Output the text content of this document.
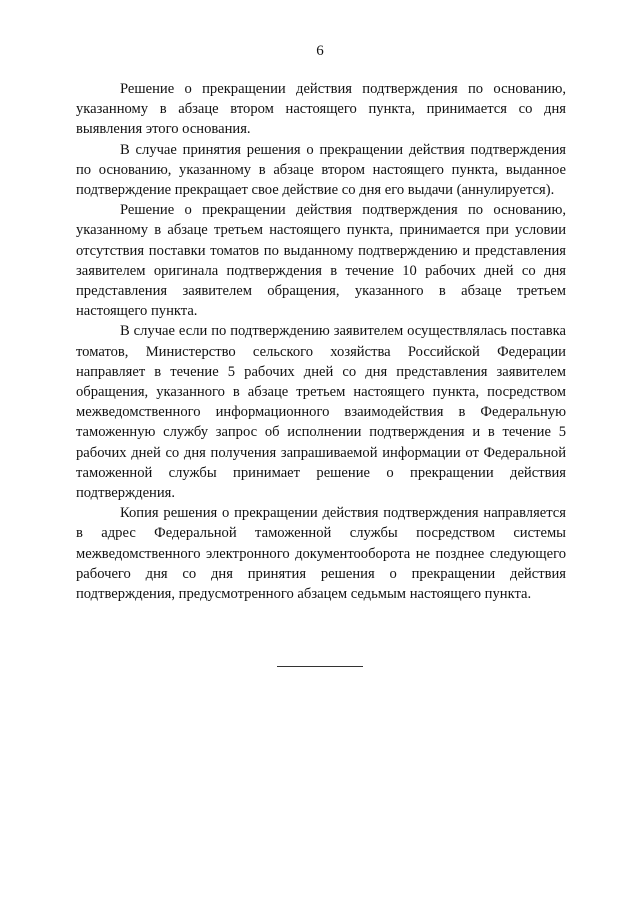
6

Решение о прекращении действия подтверждения по основанию, указанному в абзаце втором настоящего пункта, принимается со дня выявления этого основания.

В случае принятия решения о прекращении действия подтверждения по основанию, указанному в абзаце втором настоящего пункта, выданное подтверждение прекращает свое действие со дня его выдачи (аннулируется).

Решение о прекращении действия подтверждения по основанию, указанному в абзаце третьем настоящего пункта, принимается при условии отсутствия поставки томатов по выданному подтверждению и представления заявителем оригинала подтверждения в течение 10 рабочих дней со дня представления заявителем обращения, указанного в абзаце третьем настоящего пункта.

В случае если по подтверждению заявителем осуществлялась поставка томатов, Министерство сельского хозяйства Российской Федерации направляет в течение 5 рабочих дней со дня представления заявителем обращения, указанного в абзаце третьем настоящего пункта, посредством межведомственного информационного взаимодействия в Федеральную таможенную службу запрос об исполнении подтверждения и в течение 5 рабочих дней со дня получения запрашиваемой информации от Федеральной таможенной службы принимает решение о прекращении действия подтверждения.

Копия решения о прекращении действия подтверждения направляется в адрес Федеральной таможенной службы посредством системы межведомственного электронного документооборота не позднее следующего рабочего дня со дня принятия решения о прекращении действия подтверждения, предусмотренного абзацем седьмым настоящего пункта.
